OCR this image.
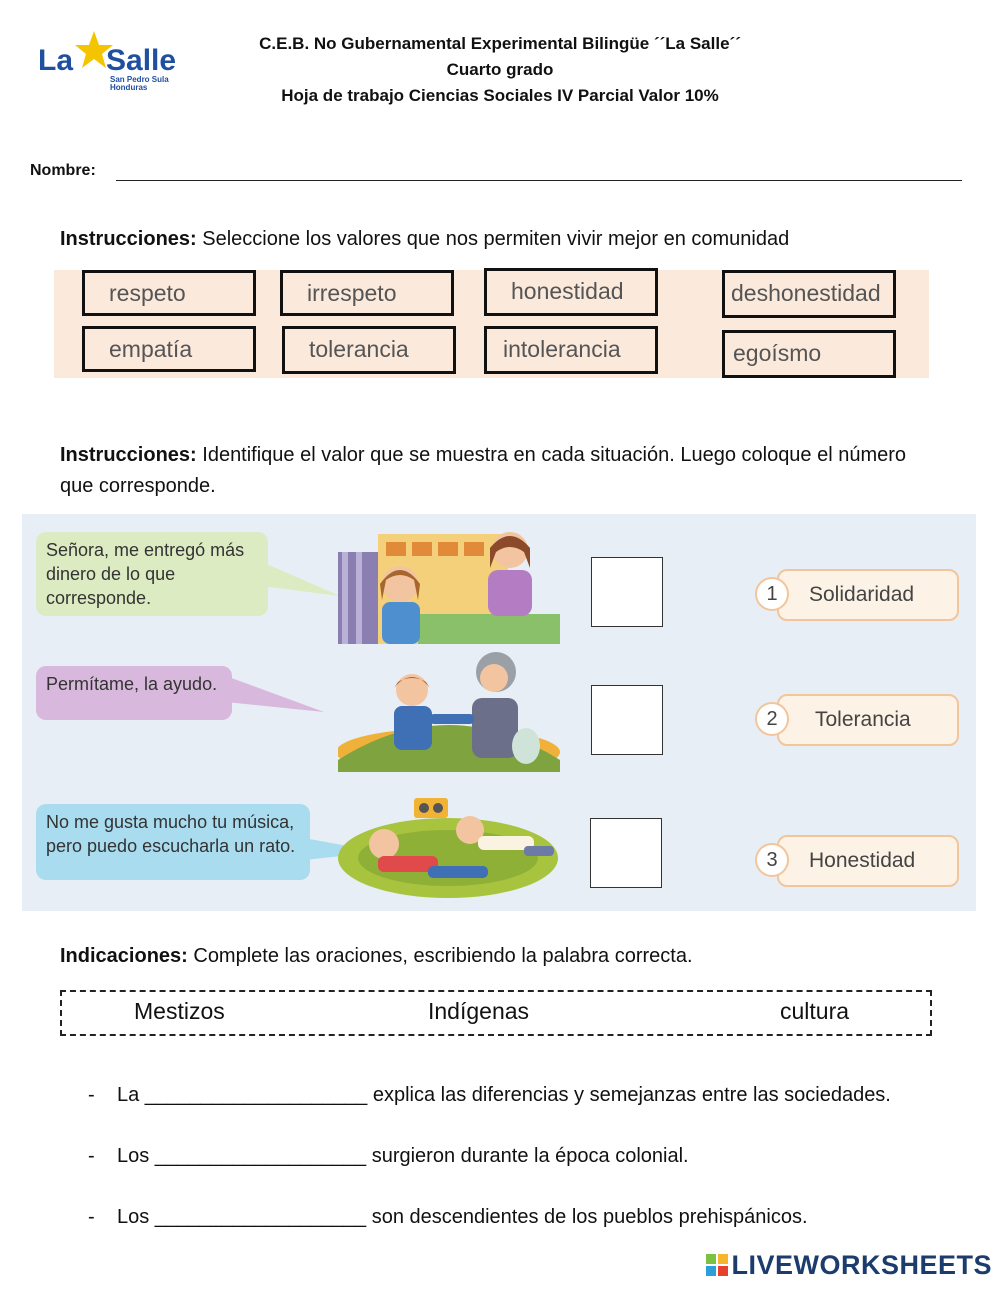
La Salle
San Pedro Sula
Honduras
C.E.B. No Gubernamental Experimental Bilingüe ´´La Salle´´
Cuarto grado
Hoja de trabajo Ciencias Sociales IV Parcial Valor 10%
Nombre:
Instrucciones: Seleccione los valores que nos permiten vivir mejor en comunidad
respeto	irrespeto	honestidad	deshonestidad
empatía	tolerancia	intolerancia	egoísmo
Instrucciones: Identifique el valor que se muestra en cada situación. Luego coloque el número que corresponde.
Señora, me entregó más dinero de lo que corresponde.
Permítame, la ayudo.
No me gusta mucho tu música, pero puedo escucharla un rato.
Solidaridad
1
Tolerancia
2
Honestidad
3
Indicaciones: Complete las oraciones, escribiendo la palabra correcta.
Mestizos	Indígenas	cultura
- La ____________________ explica las diferencias y semejanzas entre las sociedades.
- Los ___________________ surgieron durante la época colonial.
- Los ___________________ son descendientes de los pueblos prehispánicos.
LIVEWORKSHEETS
